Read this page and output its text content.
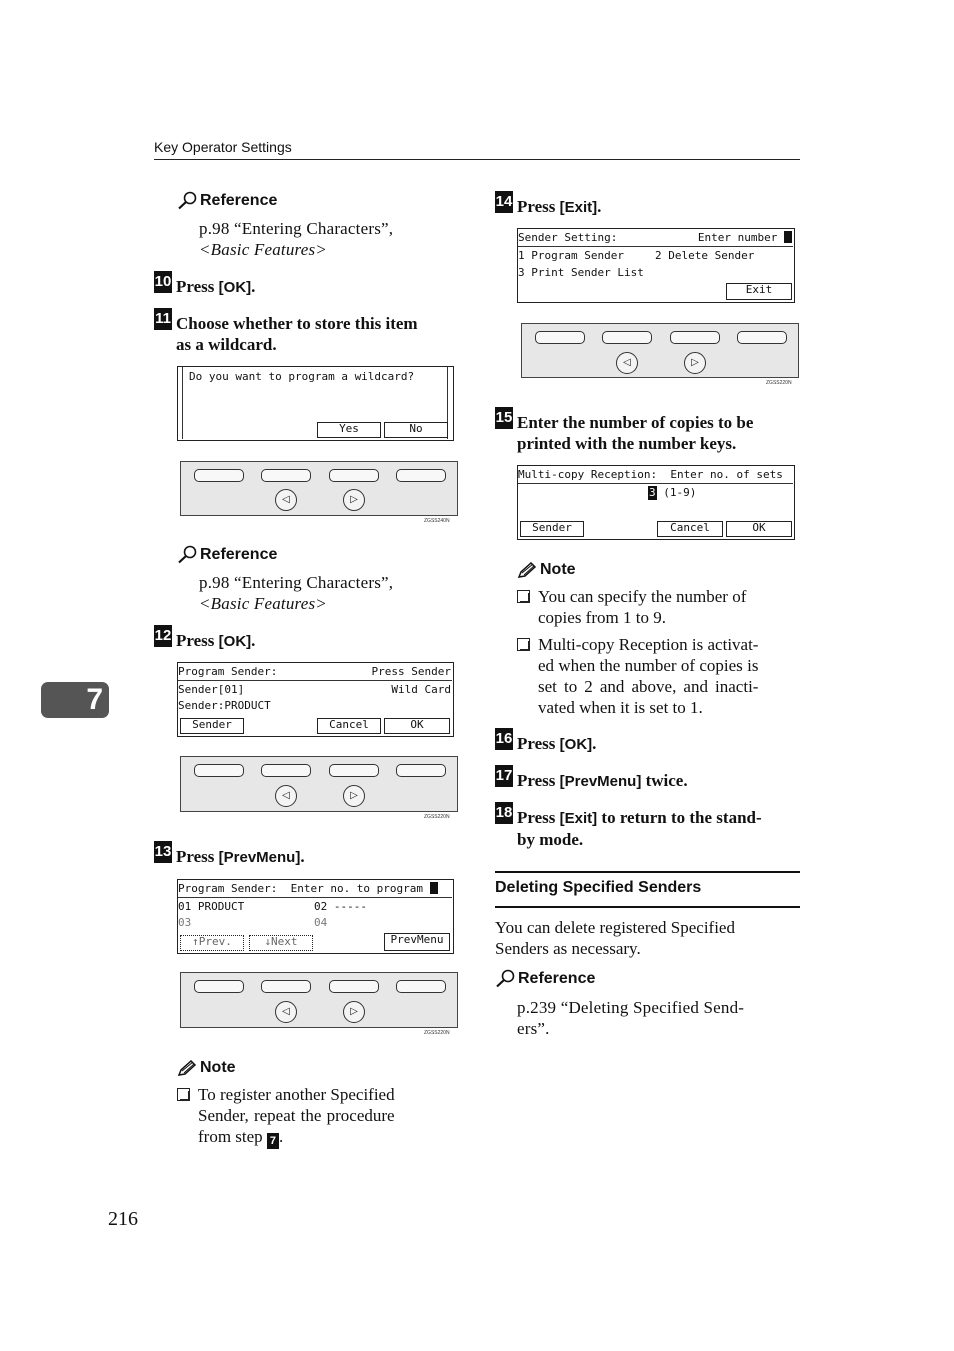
Key Operator Settings
Reference
p.98 “Entering Characters”,
<Basic Features>
10 Press [OK].
11 Choose whether to store this item
as a wildcard.
Do you want to program a wildcard?
Yes	No
◁	▷
ZGSS240N
Reference
p.98 “Entering Characters”,
<Basic Features>
12 Press [OK].
Program Sender:	Press Sender
Sender[01]	Wild Card
Sender:PRODUCT
Sender	Cancel	OK
◁	▷
ZGSS220N
13 Press [PrevMenu].
Program Sender:  Enter no. to program
01 PRODUCT	02 -----
03	04
↑Prev.	↓Next	PrevMenu
◁	▷
ZGSS220N
Note
To register another Specified
Sender, repeat the procedure
from step 7 .
14 Press [Exit].
Sender Setting:	Enter number
1 Program Sender	2 Delete Sender
3 Print Sender List
Exit
◁	▷
ZGSS220N
15 Enter the number of copies to be
printed with the number keys.
Multi-copy Reception:  Enter no. of sets
3 (1-9)
Sender	Cancel	OK
Note
You can specify the number of
copies from 1 to 9.
Multi-copy Reception is activat-
ed when the number of copies is
set to 2 and above, and inacti-
vated when it is set to 1.
16 Press [OK].
17 Press [PrevMenu] twice.
18 Press [Exit] to return to the stand-
by mode.
Deleting Specified Senders
You can delete registered Specified
Senders as necessary.
Reference
p.239 “Deleting Specified Send-
ers”.
7
216
